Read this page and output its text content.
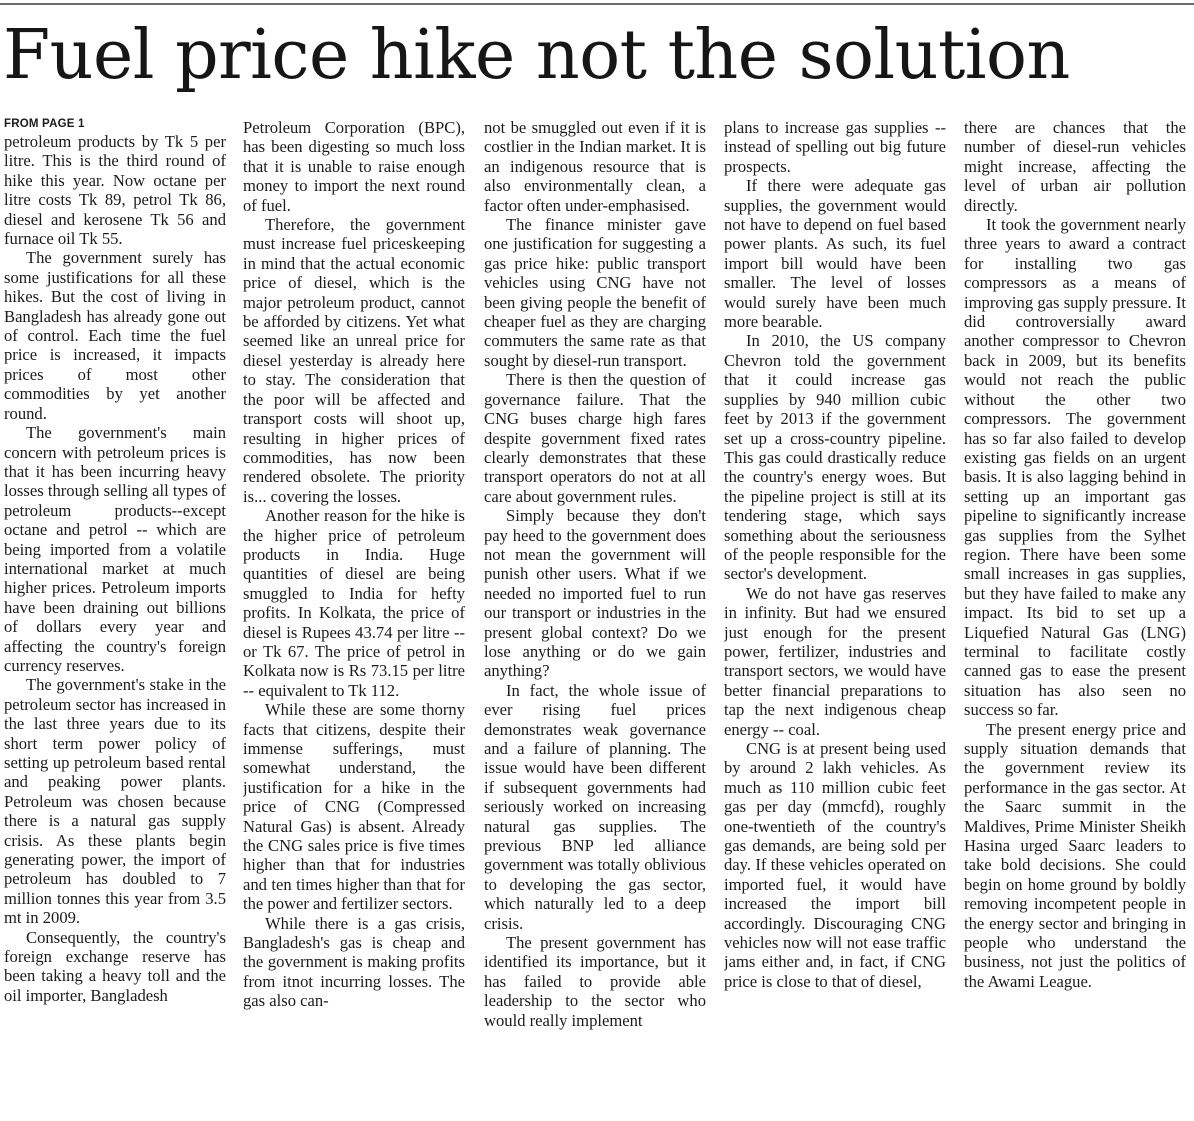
Fuel price hike not the solution
FROM PAGE 1

petroleum products by Tk 5 per litre. This is the third round of hike this year. Now octane per litre costs Tk 89, petrol Tk 86, diesel and kerosene Tk 56 and furnace oil Tk 55.

The government surely has some justifications for all these hikes. But the cost of living in Bangladesh has already gone out of control. Each time the fuel price is increased, it impacts prices of most other commodities by yet another round.

The government's main concern with petroleum prices is that it has been incurring heavy losses through selling all types of petroleum products--except octane and petrol -- which are being imported from a volatile international market at much higher prices. Petroleum imports have been draining out billions of dollars every year and affecting the country's foreign currency reserves.

The government's stake in the petroleum sector has increased in the last three years due to its short term power policy of setting up petroleum based rental and peaking power plants. Petroleum was chosen because there is a natural gas supply crisis. As these plants begin generating power, the import of petroleum has doubled to 7 million tonnes this year from 3.5 mt in 2009.

Consequently, the country's foreign exchange reserve has been taking a heavy toll and the oil importer, Bangladesh

Petroleum Corporation (BPC), has been digesting so much loss that it is unable to raise enough money to import the next round of fuel.

Therefore, the government must increase fuel priceskeeping in mind that the actual economic price of diesel, which is the major petroleum product, cannot be afforded by citizens. Yet what seemed like an unreal price for diesel yesterday is already here to stay. The consideration that the poor will be affected and transport costs will shoot up, resulting in higher prices of commodities, has now been rendered obsolete. The priority is... covering the losses.

Another reason for the hike is the higher price of petroleum products in India. Huge quantities of diesel are being smuggled to India for hefty profits. In Kolkata, the price of diesel is Rupees 43.74 per litre -- or Tk 67. The price of petrol in Kolkata now is Rs 73.15 per litre -- equivalent to Tk 112.

While these are some thorny facts that citizens, despite their immense sufferings, must somewhat understand, the justification for a hike in the price of CNG (Compressed Natural Gas) is absent. Already the CNG sales price is five times higher than that for industries and ten times higher than that for the power and fertilizer sectors.

While there is a gas crisis, Bangladesh's gas is cheap and the government is making profits from itnot incurring losses. The gas also can-

not be smuggled out even if it is costlier in the Indian market. It is an indigenous resource that is also environmentally clean, a factor often under-emphasised.

The finance minister gave one justification for suggesting a gas price hike: public transport vehicles using CNG have not been giving people the benefit of cheaper fuel as they are charging commuters the same rate as that sought by diesel-run transport.

There is then the question of governance failure. That the CNG buses charge high fares despite government fixed rates clearly demonstrates that these transport operators do not at all care about government rules.

Simply because they don't pay heed to the government does not mean the government will punish other users. What if we needed no imported fuel to run our transport or industries in the present global context? Do we lose anything or do we gain anything?

In fact, the whole issue of ever rising fuel prices demonstrates weak governance and a failure of planning. The issue would have been different if subsequent governments had seriously worked on increasing natural gas supplies. The previous BNP led alliance government was totally oblivious to developing the gas sector, which naturally led to a deep crisis.

The present government has identified its importance, but it has failed to provide able leadership to the sector who would really implement

plans to increase gas supplies -- instead of spelling out big future prospects.

If there were adequate gas supplies, the government would not have to depend on fuel based power plants. As such, its fuel import bill would have been smaller. The level of losses would surely have been much more bearable.

In 2010, the US company Chevron told the government that it could increase gas supplies by 940 million cubic feet by 2013 if the government set up a cross-country pipeline. This gas could drastically reduce the country's energy woes. But the pipeline project is still at its tendering stage, which says something about the seriousness of the people responsible for the sector's development.

We do not have gas reserves in infinity. But had we ensured just enough for the present power, fertilizer, industries and transport sectors, we would have better financial preparations to tap the next indigenous cheap energy -- coal.

CNG is at present being used by around 2 lakh vehicles. As much as 110 million cubic feet gas per day (mmcfd), roughly one-twentieth of the country's gas demands, are being sold per day. If these vehicles operated on imported fuel, it would have increased the import bill accordingly. Discouraging CNG vehicles now will not ease traffic jams either and, in fact, if CNG price is close to that of diesel,

there are chances that the number of diesel-run vehicles might increase, affecting the level of urban air pollution directly.

It took the government nearly three years to award a contract for installing two gas compressors as a means of improving gas supply pressure. It did controversially award another compressor to Chevron back in 2009, but its benefits would not reach the public without the other two compressors. The government has so far also failed to develop existing gas fields on an urgent basis. It is also lagging behind in setting up an important gas pipeline to significantly increase gas supplies from the Sylhet region. There have been some small increases in gas supplies, but they have failed to make any impact. Its bid to set up a Liquefied Natural Gas (LNG) terminal to facilitate costly canned gas to ease the present situation has also seen no success so far.

The present energy price and supply situation demands that the government review its performance in the gas sector. At the Saarc summit in the Maldives, Prime Minister Sheikh Hasina urged Saarc leaders to take bold decisions. She could begin on home ground by boldly removing incompetent people in the energy sector and bringing in people who understand the business, not just the politics of the Awami League.
